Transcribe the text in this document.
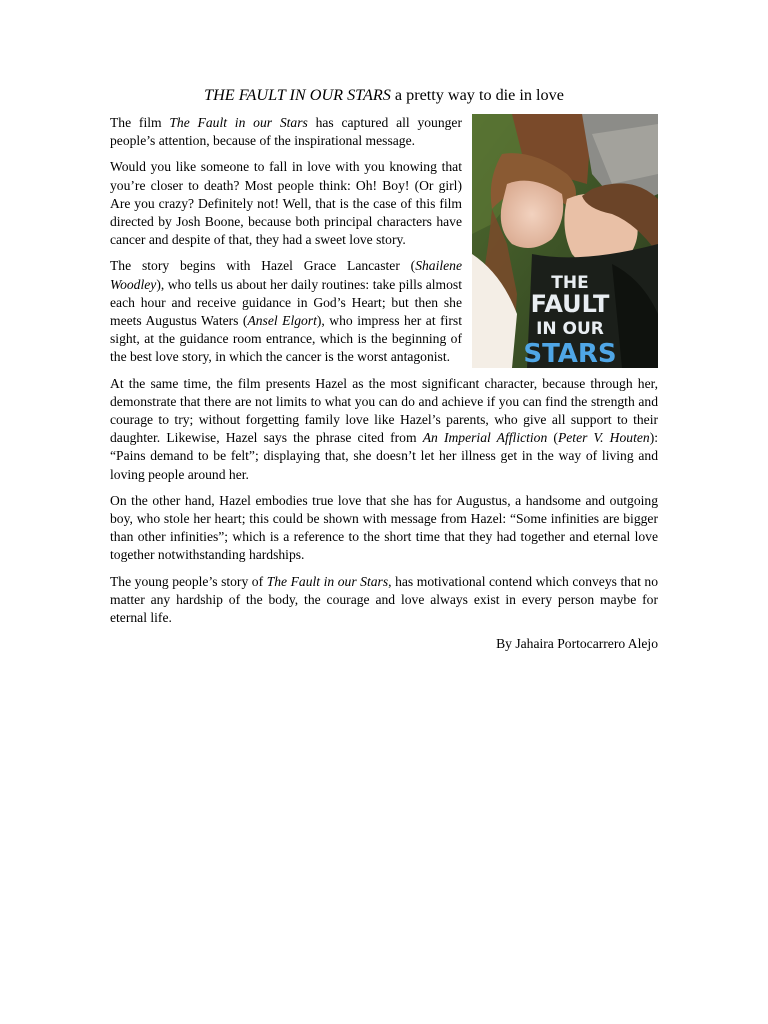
THE FAULT IN OUR STARS a pretty way to die in love
THE
FAULT
IN OUR
STARS

The film The Fault in our Stars has captured all younger people’s attention, because of the inspirational message.

Would you like someone to fall in love with you knowing that you’re closer to death? Most people think: Oh! Boy! (Or girl) Are you crazy? Definitely not! Well, that is the case of this film directed by Josh Boone, because both principal characters have cancer and despite of that, they had a sweet love story.

The story begins with Hazel Grace Lancaster (Shailene Woodley), who tells us about her daily routines: take pills almost each hour and receive guidance in God’s Heart; but then she meets Augustus Waters (Ansel Elgort), who impress her at first sight, at the guidance room entrance, which is the beginning of the best love story, in which the cancer is the worst antagonist.

At the same time, the film presents Hazel as the most significant character, because through her, demonstrate that there are not limits to what you can do and achieve if you can find the strength and courage to try; without forgetting family love like Hazel’s parents, who give all support to their daughter. Likewise, Hazel says the phrase cited from An Imperial Affliction (Peter V. Houten): “Pains demand to be felt”; displaying that, she doesn’t let her illness get in the way of living and loving people around her.

On the other hand, Hazel embodies true love that she has for Augustus, a handsome and outgoing boy, who stole her heart; this could be shown with message from Hazel: “Some infinities are bigger than other infinities”; which is a reference to the short time that they had together and eternal love together notwithstanding hardships.

The young people’s story of The Fault in our Stars, has motivational contend which conveys that no matter any hardship of the body, the courage and love always exist in every person maybe for eternal life.

By Jahaira Portocarrero Alejo
